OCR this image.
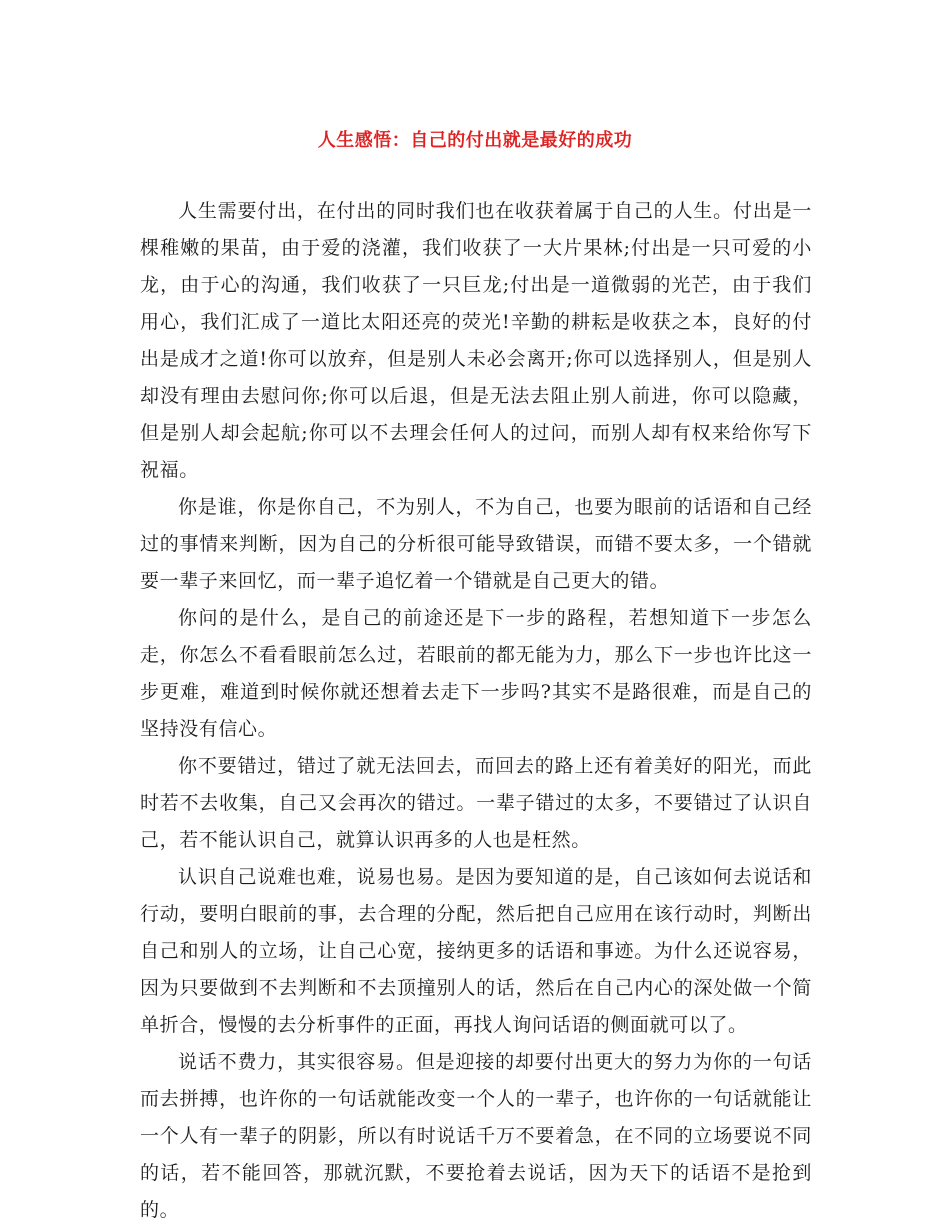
人生感悟：自己的付出就是最好的成功

人生需要付出，在付出的同时我们也在收获着属于自己的人生。付出是一棵稚嫩的果苗，由于爱的浇灌，我们收获了一大片果林;付出是一只可爱的小龙，由于心的沟通，我们收获了一只巨龙;付出是一道微弱的光芒，由于我们用心，我们汇成了一道比太阳还亮的荧光!辛勤的耕耘是收获之本，良好的付出是成才之道!你可以放弃，但是别人未必会离开;你可以选择别人，但是别人却没有理由去慰问你;你可以后退，但是无法去阻止别人前进，你可以隐藏，但是别人却会起航;你可以不去理会任何人的过问，而别人却有权来给你写下祝福。

你是谁，你是你自己，不为别人，不为自己，也要为眼前的话语和自己经过的事情来判断，因为自己的分析很可能导致错误，而错不要太多，一个错就要一辈子来回忆，而一辈子追忆着一个错就是自己更大的错。

你问的是什么，是自己的前途还是下一步的路程，若想知道下一步怎么走，你怎么不看看眼前怎么过，若眼前的都无能为力，那么下一步也许比这一步更难，难道到时候你就还想着去走下一步吗?其实不是路很难，而是自己的坚持没有信心。

你不要错过，错过了就无法回去，而回去的路上还有着美好的阳光，而此时若不去收集，自己又会再次的错过。一辈子错过的太多，不要错过了认识自己，若不能认识自己，就算认识再多的人也是枉然。

认识自己说难也难，说易也易。是因为要知道的是，自己该如何去说话和行动，要明白眼前的事，去合理的分配，然后把自己应用在该行动时，判断出自己和别人的立场，让自己心宽，接纳更多的话语和事迹。为什么还说容易，因为只要做到不去判断和不去顶撞别人的话，然后在自己内心的深处做一个简单折合，慢慢的去分析事件的正面，再找人询问话语的侧面就可以了。

说话不费力，其实很容易。但是迎接的却要付出更大的努力为你的一句话而去拼搏，也许你的一句话就能改变一个人的一辈子，也许你的一句话就能让一个人有一辈子的阴影，所以有时说话千万不要着急，在不同的立场要说不同的话，若不能回答，那就沉默，不要抢着去说话，因为天下的话语不是抢到的。
